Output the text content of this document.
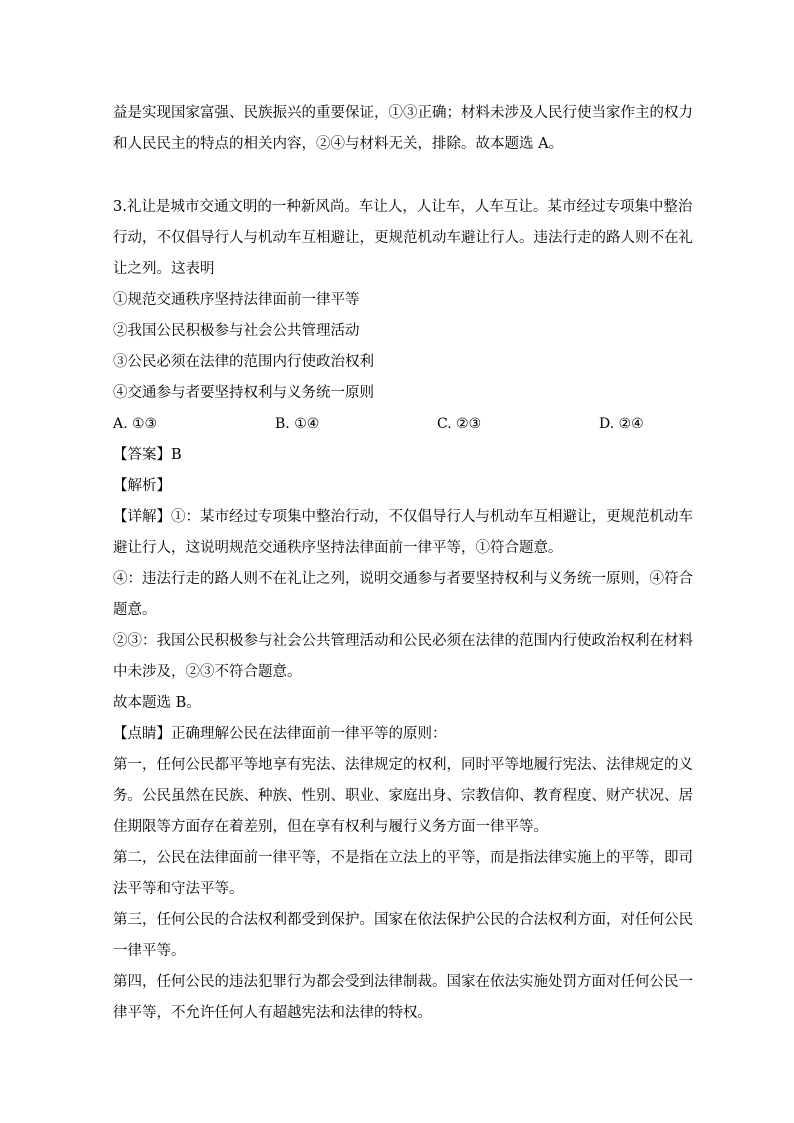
益是实现国家富强、民族振兴的重要保证，①③正确；材料未涉及人民行使当家作主的权力
和人民民主的特点的相关内容，②④与材料无关，排除。故本题选 A。
3.礼让是城市交通文明的一种新风尚。车让人，人让车，人车互让。某市经过专项集中整治
行动，不仅倡导行人与机动车互相避让，更规范机动车避让行人。违法行走的路人则不在礼
让之列。这表明
①规范交通秩序坚持法律面前一律平等
②我国公民积极参与社会公共管理活动
③公民必须在法律的范围内行使政治权利
④交通参与者要坚持权利与义务统一原则
A. ①③	B. ①④	C. ②③	D. ②④
【答案】B
【解析】
【详解】①：某市经过专项集中整治行动，不仅倡导行人与机动车互相避让，更规范机动车
避让行人，这说明规范交通秩序坚持法律面前一律平等，①符合题意。
④：违法行走的路人则不在礼让之列，说明交通参与者要坚持权利与义务统一原则，④符合
题意。
②③：我国公民积极参与社会公共管理活动和公民必须在法律的范围内行使政治权利在材料
中未涉及，②③不符合题意。
故本题选 B。
【点睛】正确理解公民在法律面前一律平等的原则：
第一，任何公民都平等地享有宪法、法律规定的权利，同时平等地履行宪法、法律规定的义
务。公民虽然在民族、种族、性别、职业、家庭出身、宗教信仰、教育程度、财产状况、居
住期限等方面存在着差别，但在享有权利与履行义务方面一律平等。
第二，公民在法律面前一律平等，不是指在立法上的平等，而是指法律实施上的平等，即司
法平等和守法平等。
第三，任何公民的合法权利都受到保护。国家在依法保护公民的合法权利方面，对任何公民
一律平等。
第四，任何公民的违法犯罪行为都会受到法律制裁。国家在依法实施处罚方面对任何公民一
律平等，不允许任何人有超越宪法和法律的特权。
